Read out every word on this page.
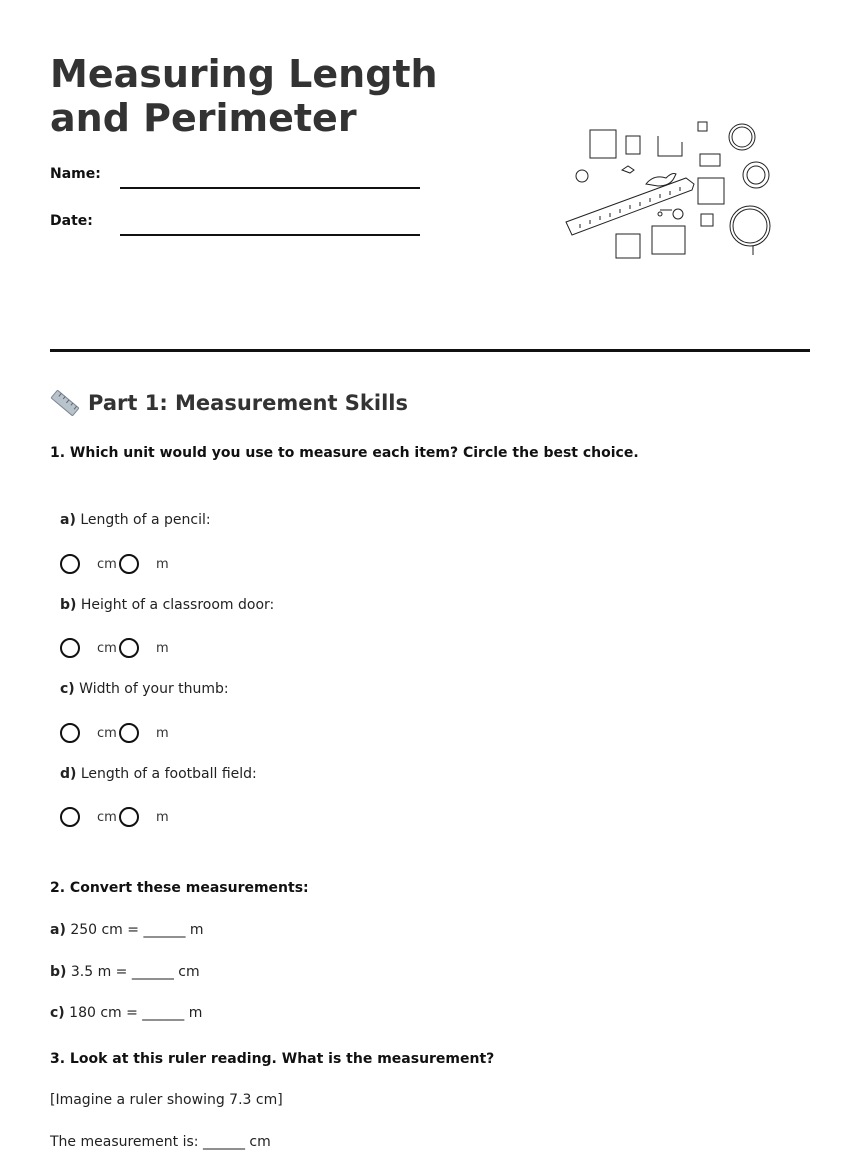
Measuring Length and Perimeter
Name:
Date:
Part 1: Measurement Skills
1. Which unit would you use to measure each item? Circle the best choice.
a) Length of a pencil:
cm	m
b) Height of a classroom door:
cm	m
c) Width of your thumb:
cm	m
d) Length of a football field:
cm	m
2. Convert these measurements:
a) 250 cm = ______ m
b) 3.5 m = ______ cm
c) 180 cm = ______ m
3. Look at this ruler reading. What is the measurement?
[Imagine a ruler showing 7.3 cm]
The measurement is: ______ cm
